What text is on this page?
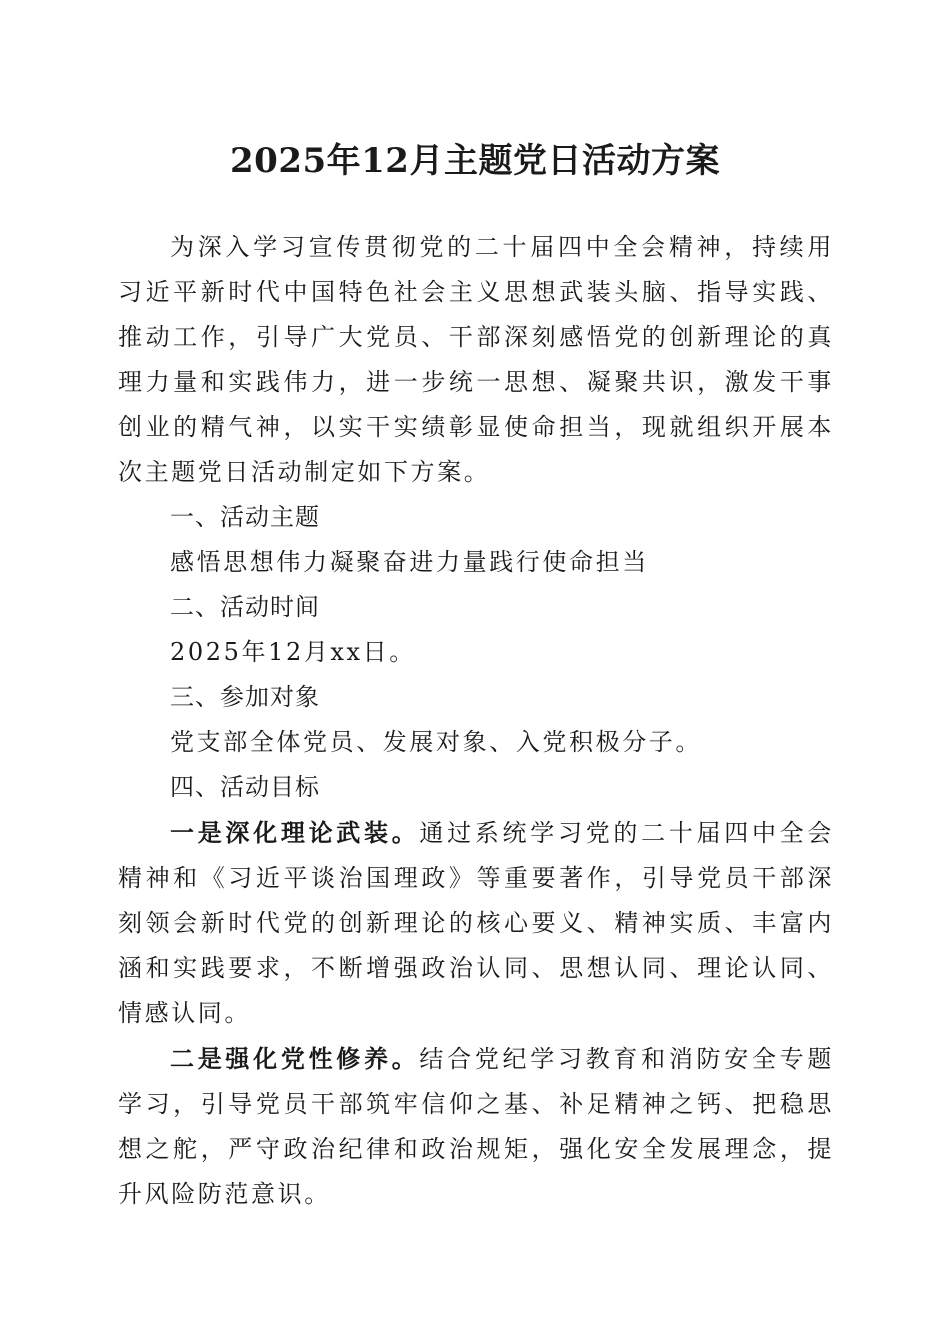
2025年12月主题党日活动方案

为深入学习宣传贯彻党的二十届四中全会精神，持续用习近平新时代中国特色社会主义思想武装头脑、指导实践、推动工作，引导广大党员、干部深刻感悟党的创新理论的真理力量和实践伟力，进一步统一思想、凝聚共识，激发干事创业的精气神，以实干实绩彰显使命担当，现就组织开展本次主题党日活动制定如下方案。

一、活动主题

感悟思想伟力凝聚奋进力量践行使命担当

二、活动时间

2025年12月xx日。

三、参加对象

党支部全体党员、发展对象、入党积极分子。

四、活动目标

一是深化理论武装。通过系统学习党的二十届四中全会精神和《习近平谈治国理政》等重要著作，引导党员干部深刻领会新时代党的创新理论的核心要义、精神实质、丰富内涵和实践要求，不断增强政治认同、思想认同、理论认同、情感认同。

二是强化党性修养。结合党纪学习教育和消防安全专题学习，引导党员干部筑牢信仰之基、补足精神之钙、把稳思想之舵，严守政治纪律和政治规矩，强化安全发展理念，提升风险防范意识。
